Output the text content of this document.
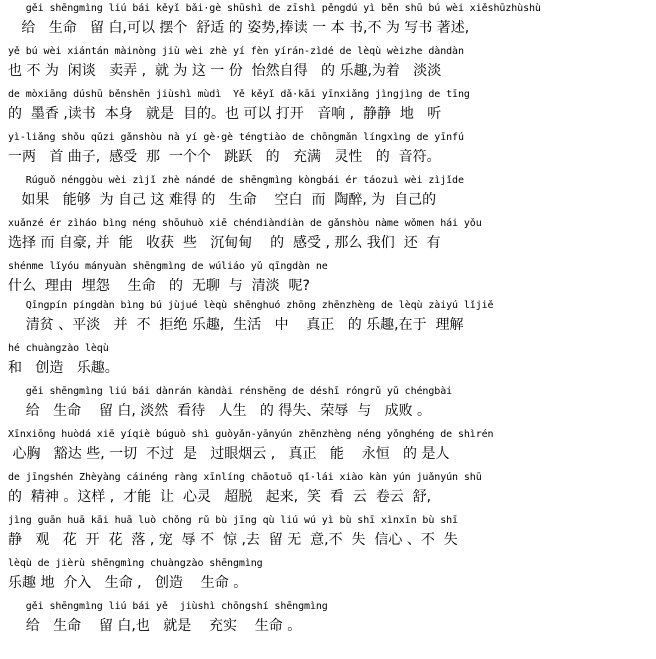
gěi shēngmìng liú bái kěyǐ bǎi·gè shūshì de zīshì pěngdú yì běn shū bú wèi xiěshūzhùshù
给   生命   留 白,可以 摆个  舒适 的 姿势,捧读 一 本 书,不 为 写书 著述,
yě bú wèi xiántán màinòng jiù wèi zhè yí fèn yírán-zìdé de lèqù wèizhe dàndàn
也 不 为  闲谈   卖弄 ,  就 为 这 一 份  怡然自得   的 乐趣,为着   淡淡
de mòxiāng dúshū běnshēn jiùshì mùdì  Yě kěyǐ dǎ·kāi yīnxiǎng jìngjìng de tīng
的  墨香 ,读书  本身   就是  目的。也 可以 打开   音响 ,  静静  地   听
yì-liǎng shǒu qǔzi gǎnshòu nà yí gè·gè téngtiào de chōngmǎn língxìng de yīnfú
一两   首 曲子,  感受  那  一个个   跳跃   的   充满   灵性   的  音符。
Rúguǒ nénggòu wèi zìjǐ zhè nándé de shēngmìng kòngbái ér táozuì wèi zìjǐde
如果   能够  为 自己 这 难得 的   生命    空白  而  陶醉, 为  自己的
xuǎnzé ér zìháo bìng néng shōuhuò xiē chéndiàndiàn de gǎnshòu nàme wǒmen hái yǒu
选择 而 自豪, 并  能   收获  些   沉甸甸    的  感受 , 那么 我们  还  有
shénme lǐyóu mányuàn shēngmìng de wúliáo yǔ qīngdàn ne
什么  理由  埋怨    生命   的  无聊  与  清淡  呢?
Qīngpín píngdàn bìng bú jùjué lèqù shēnghuó zhōng zhēnzhèng de lèqù zàiyú lǐjiě
清贫 、平淡   并  不  拒绝 乐趣,  生活   中    真正   的 乐趣,在于  理解
hé chuàngzào lèqù
和   创造   乐趣。
gěi shēngmìng liú bái dànrán kàndài rénshēng de déshī róngrǔ yǔ chéngbài
给   生命    留 白, 淡然  看待   人生   的 得失、荣辱  与   成败 。
Xīnxiōng huòdá xiē yíqiè búguò shì guòyǎn-yānyún zhēnzhèng néng yǒnghéng de shìrén
心胸   豁达 些, 一切  不过  是   过眼烟云 ,   真正   能    永恒   的 是人
de jīngshén Zhèyàng cáinéng ràng xīnlíng chāotuō qǐ·lái xiào kàn yún juǎnyún shū
的  精神 。这样 ,  才能  让  心灵   超脱   起来,  笑  看  云  卷云  舒,
jìng guān huā kāi huā luò chǒng rǔ bù jīng qù liú wú yì bù shī xìnxīn bù shī
静   观   花  开  花  落 , 宠  辱 不  惊 ,去  留 无  意,不  失  信心 、不  失
lèqù de jièrù shēngmìng chuàngzào shēngmìng
乐趣 地  介入   生命 ,   创造    生命 。
gěi shēngmìng liú bái yě  jiùshì chōngshí shēngmìng
给   生命    留 白,也   就是    充实    生命 。
